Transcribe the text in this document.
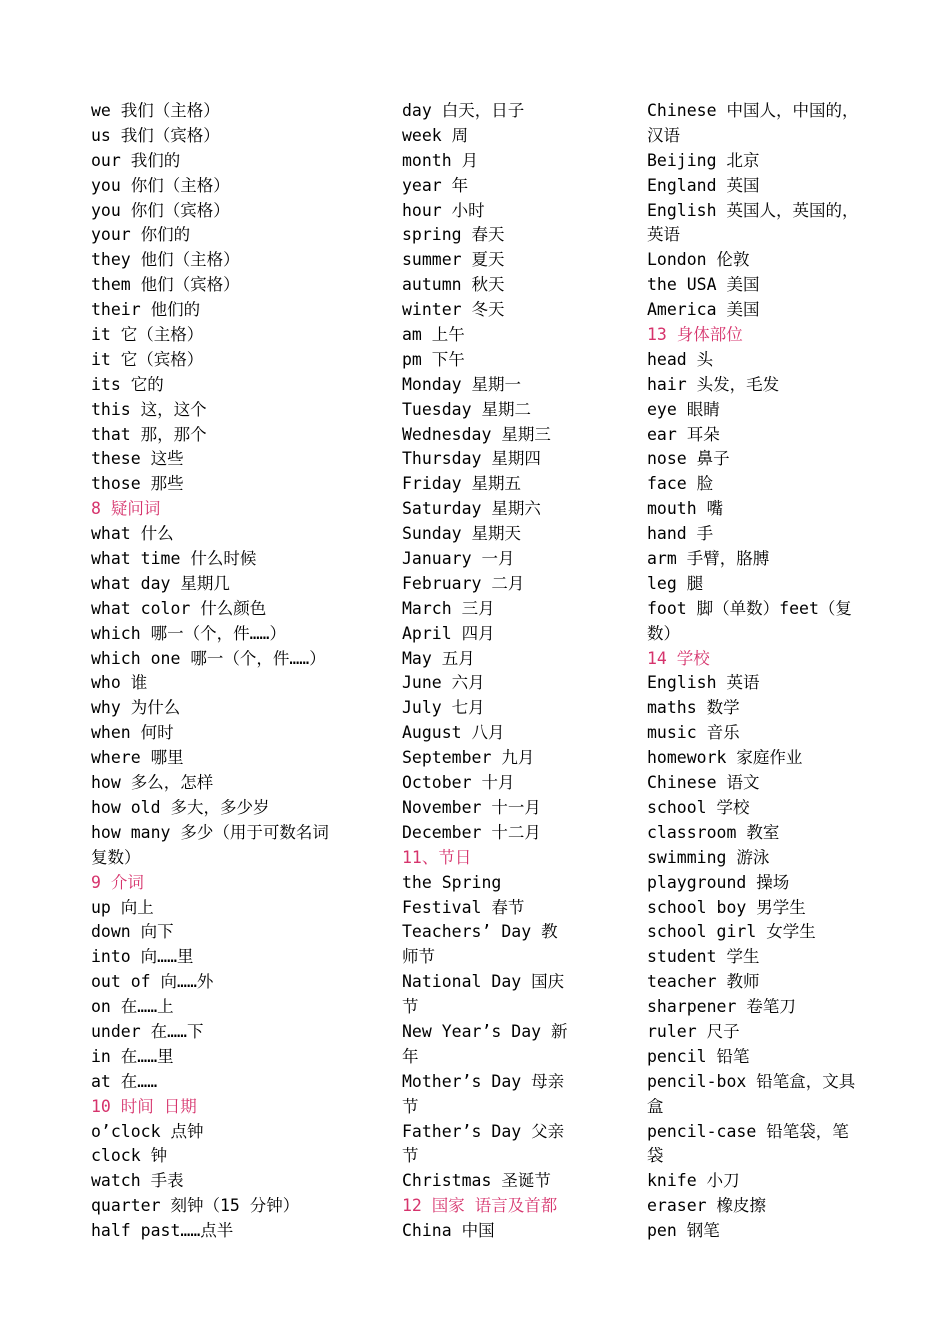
we 我们（主格）
us 我们（宾格）
our 我们的
you 你们（主格）
you 你们（宾格）
your 你们的
they 他们（主格）
them 他们（宾格）
their 他们的
it 它（主格）
it 它（宾格）
its 它的
this 这，这个
that 那，那个
these 这些
those 那些
8 疑问词
what 什么
what time 什么时候
what day 星期几
what color 什么颜色
which 哪一（个，件……）
which one 哪一（个，件……）
who 谁
why 为什么
when 何时
where 哪里
how 多么，怎样
how old 多大，多少岁
how many 多少（用于可数名词
复数）
9 介词
up 向上
down 向下
into 向……里
out of 向……外
on 在……上
under 在……下
in 在……里
at 在……
10 时间 日期
o’clock 点钟
clock 钟
watch 手表
quarter 刻钟（15 分钟）
half past……点半
day 白天，日子
week 周
month 月
year 年
hour 小时
spring 春天
summer 夏天
autumn 秋天
winter 冬天
am 上午
pm 下午
Monday 星期一
Tuesday 星期二
Wednesday 星期三
Thursday 星期四
Friday 星期五
Saturday 星期六
Sunday 星期天
January 一月
February 二月
March 三月
April 四月
May 五月
June 六月
July 七月
August 八月
September 九月
October 十月
November 十一月
December 十二月
11、节日
the Spring
Festival 春节
Teachers’ Day 教
师节
National Day 国庆
节
New Year’s Day 新
年
Mother’s Day 母亲
节
Father’s Day 父亲
节
Christmas 圣诞节
12 国家 语言及首都
China 中国
Chinese 中国人，中国的，
汉语
Beijing 北京
England 英国
English 英国人，英国的，
英语
London 伦敦
the USA 美国
America 美国
13 身体部位
head 头
hair 头发，毛发
eye 眼睛
ear 耳朵
nose 鼻子
face 脸
mouth 嘴
hand 手
arm 手臂，胳膊
leg 腿
foot 脚（单数）feet（复
数）
14 学校
English 英语
maths 数学
music 音乐
homework 家庭作业
Chinese 语文
school 学校
classroom 教室
swimming 游泳
playground 操场
school boy 男学生
school girl 女学生
student 学生
teacher 教师
sharpener 卷笔刀
ruler 尺子
pencil 铅笔
pencil-box 铅笔盒，文具
盒
pencil-case 铅笔袋，笔
袋
knife 小刀
eraser 橡皮擦
pen 钢笔
